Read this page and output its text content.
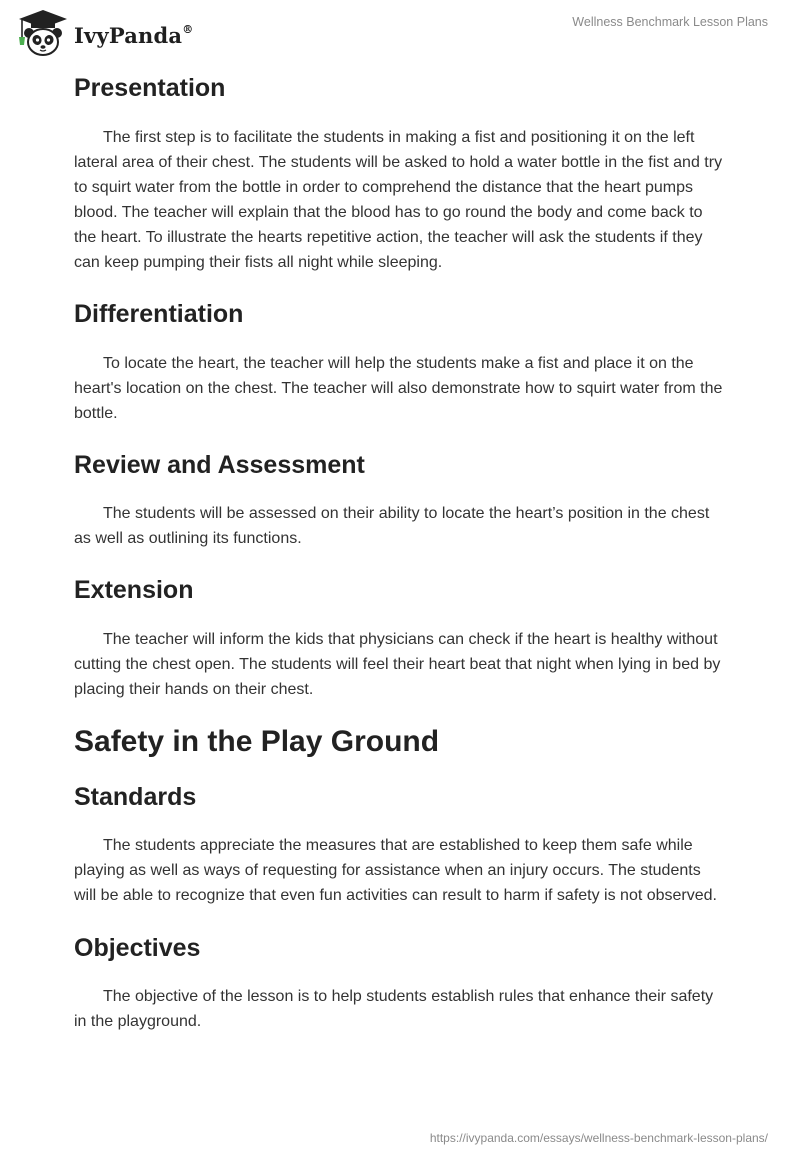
IvyPanda®	Wellness Benchmark Lesson Plans
Presentation

The first step is to facilitate the students in making a fist and positioning it on the left lateral area of their chest. The students will be asked to hold a water bottle in the fist and try to squirt water from the bottle in order to comprehend the distance that the heart pumps blood. The teacher will explain that the blood has to go round the body and come back to the heart. To illustrate the hearts repetitive action, the teacher will ask the students if they can keep pumping their fists all night while sleeping.

Differentiation

To locate the heart, the teacher will help the students make a fist and place it on the heart's location on the chest. The teacher will also demonstrate how to squirt water from the bottle.

Review and Assessment

The students will be assessed on their ability to locate the heart’s position in the chest as well as outlining its functions.

Extension

The teacher will inform the kids that physicians can check if the heart is healthy without cutting the chest open. The students will feel their heart beat that night when lying in bed by placing their hands on their chest.

Safety in the Play Ground
Standards

The students appreciate the measures that are established to keep them safe while playing as well as ways of requesting for assistance when an injury occurs. The students will be able to recognize that even fun activities can result to harm if safety is not observed.

Objectives

The objective of the lesson is to help students establish rules that enhance their safety in the playground.

https://ivypanda.com/essays/wellness-benchmark-lesson-plans/
